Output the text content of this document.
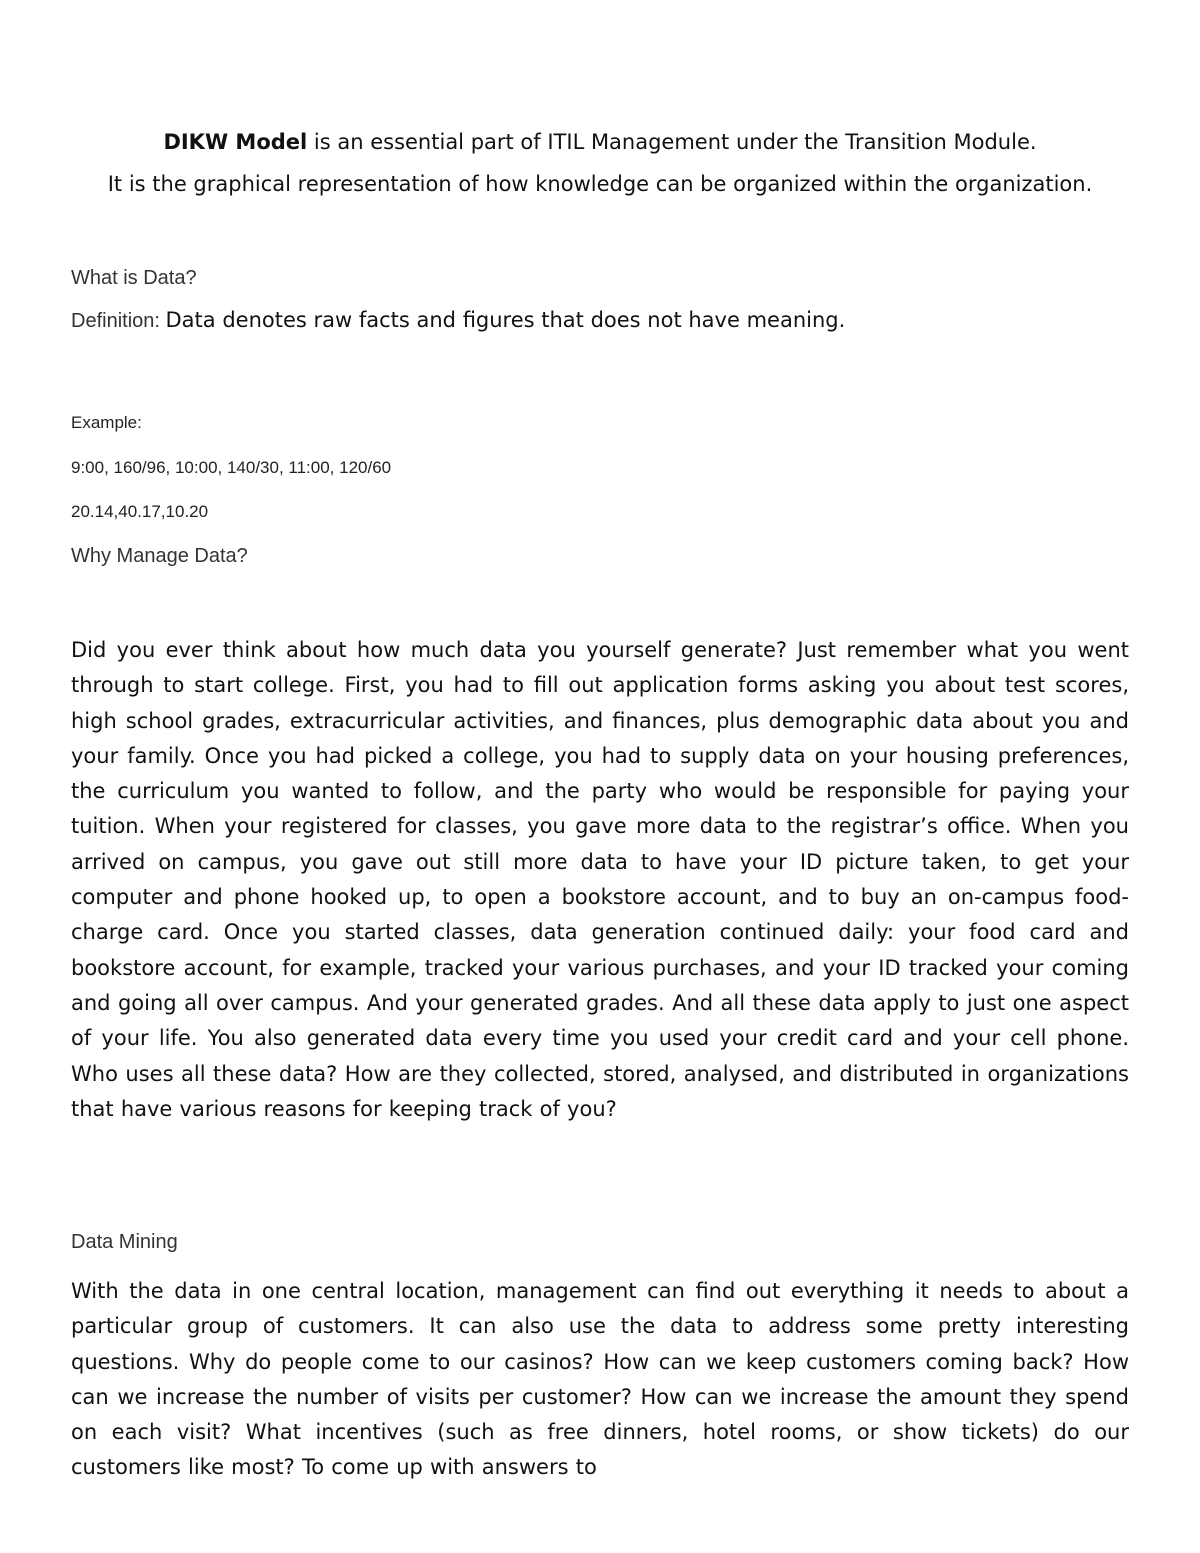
DIKW Model is an essential part of ITIL Management under the Transition Module.

It is the graphical representation of how knowledge can be organized within the organization.

What is Data?

Definition: Data denotes raw facts and figures that does not have meaning.

Example:

9:00, 160/96, 10:00, 140/30, 11:00, 120/60

20.14,40.17,10.20

Why Manage Data?

Did you ever think about how much data you yourself generate? Just remember what you went through to start college. First, you had to fill out application forms asking you about test scores, high school grades, extracurricular activities, and finances, plus demographic data about you and your family. Once you had picked a college, you had to supply data on your housing preferences, the curriculum you wanted to follow, and the party who would be responsible for paying your tuition. When your registered for classes, you gave more data to the registrar’s office. When you arrived on campus, you gave out still more data to have your ID picture taken, to get your computer and phone hooked up, to open a bookstore account, and to buy an on-campus food-charge card. Once you started classes, data generation continued daily: your food card and bookstore account, for example, tracked your various purchases, and your ID tracked your coming and going all over campus. And your generated grades. And all these data apply to just one aspect of your life. You also generated data every time you used your credit card and your cell phone. Who uses all these data? How are they collected, stored, analysed, and distributed in organizations that have various reasons for keeping track of you?

Data Mining

With the data in one central location, management can find out everything it needs to about a particular group of customers. It can also use the data to address some pretty interesting questions. Why do people come to our casinos? How can we keep customers coming back? How can we increase the number of visits per customer? How can we increase the amount they spend on each visit? What incentives (such as free dinners, hotel rooms, or show tickets) do our customers like most? To come up with answers to
